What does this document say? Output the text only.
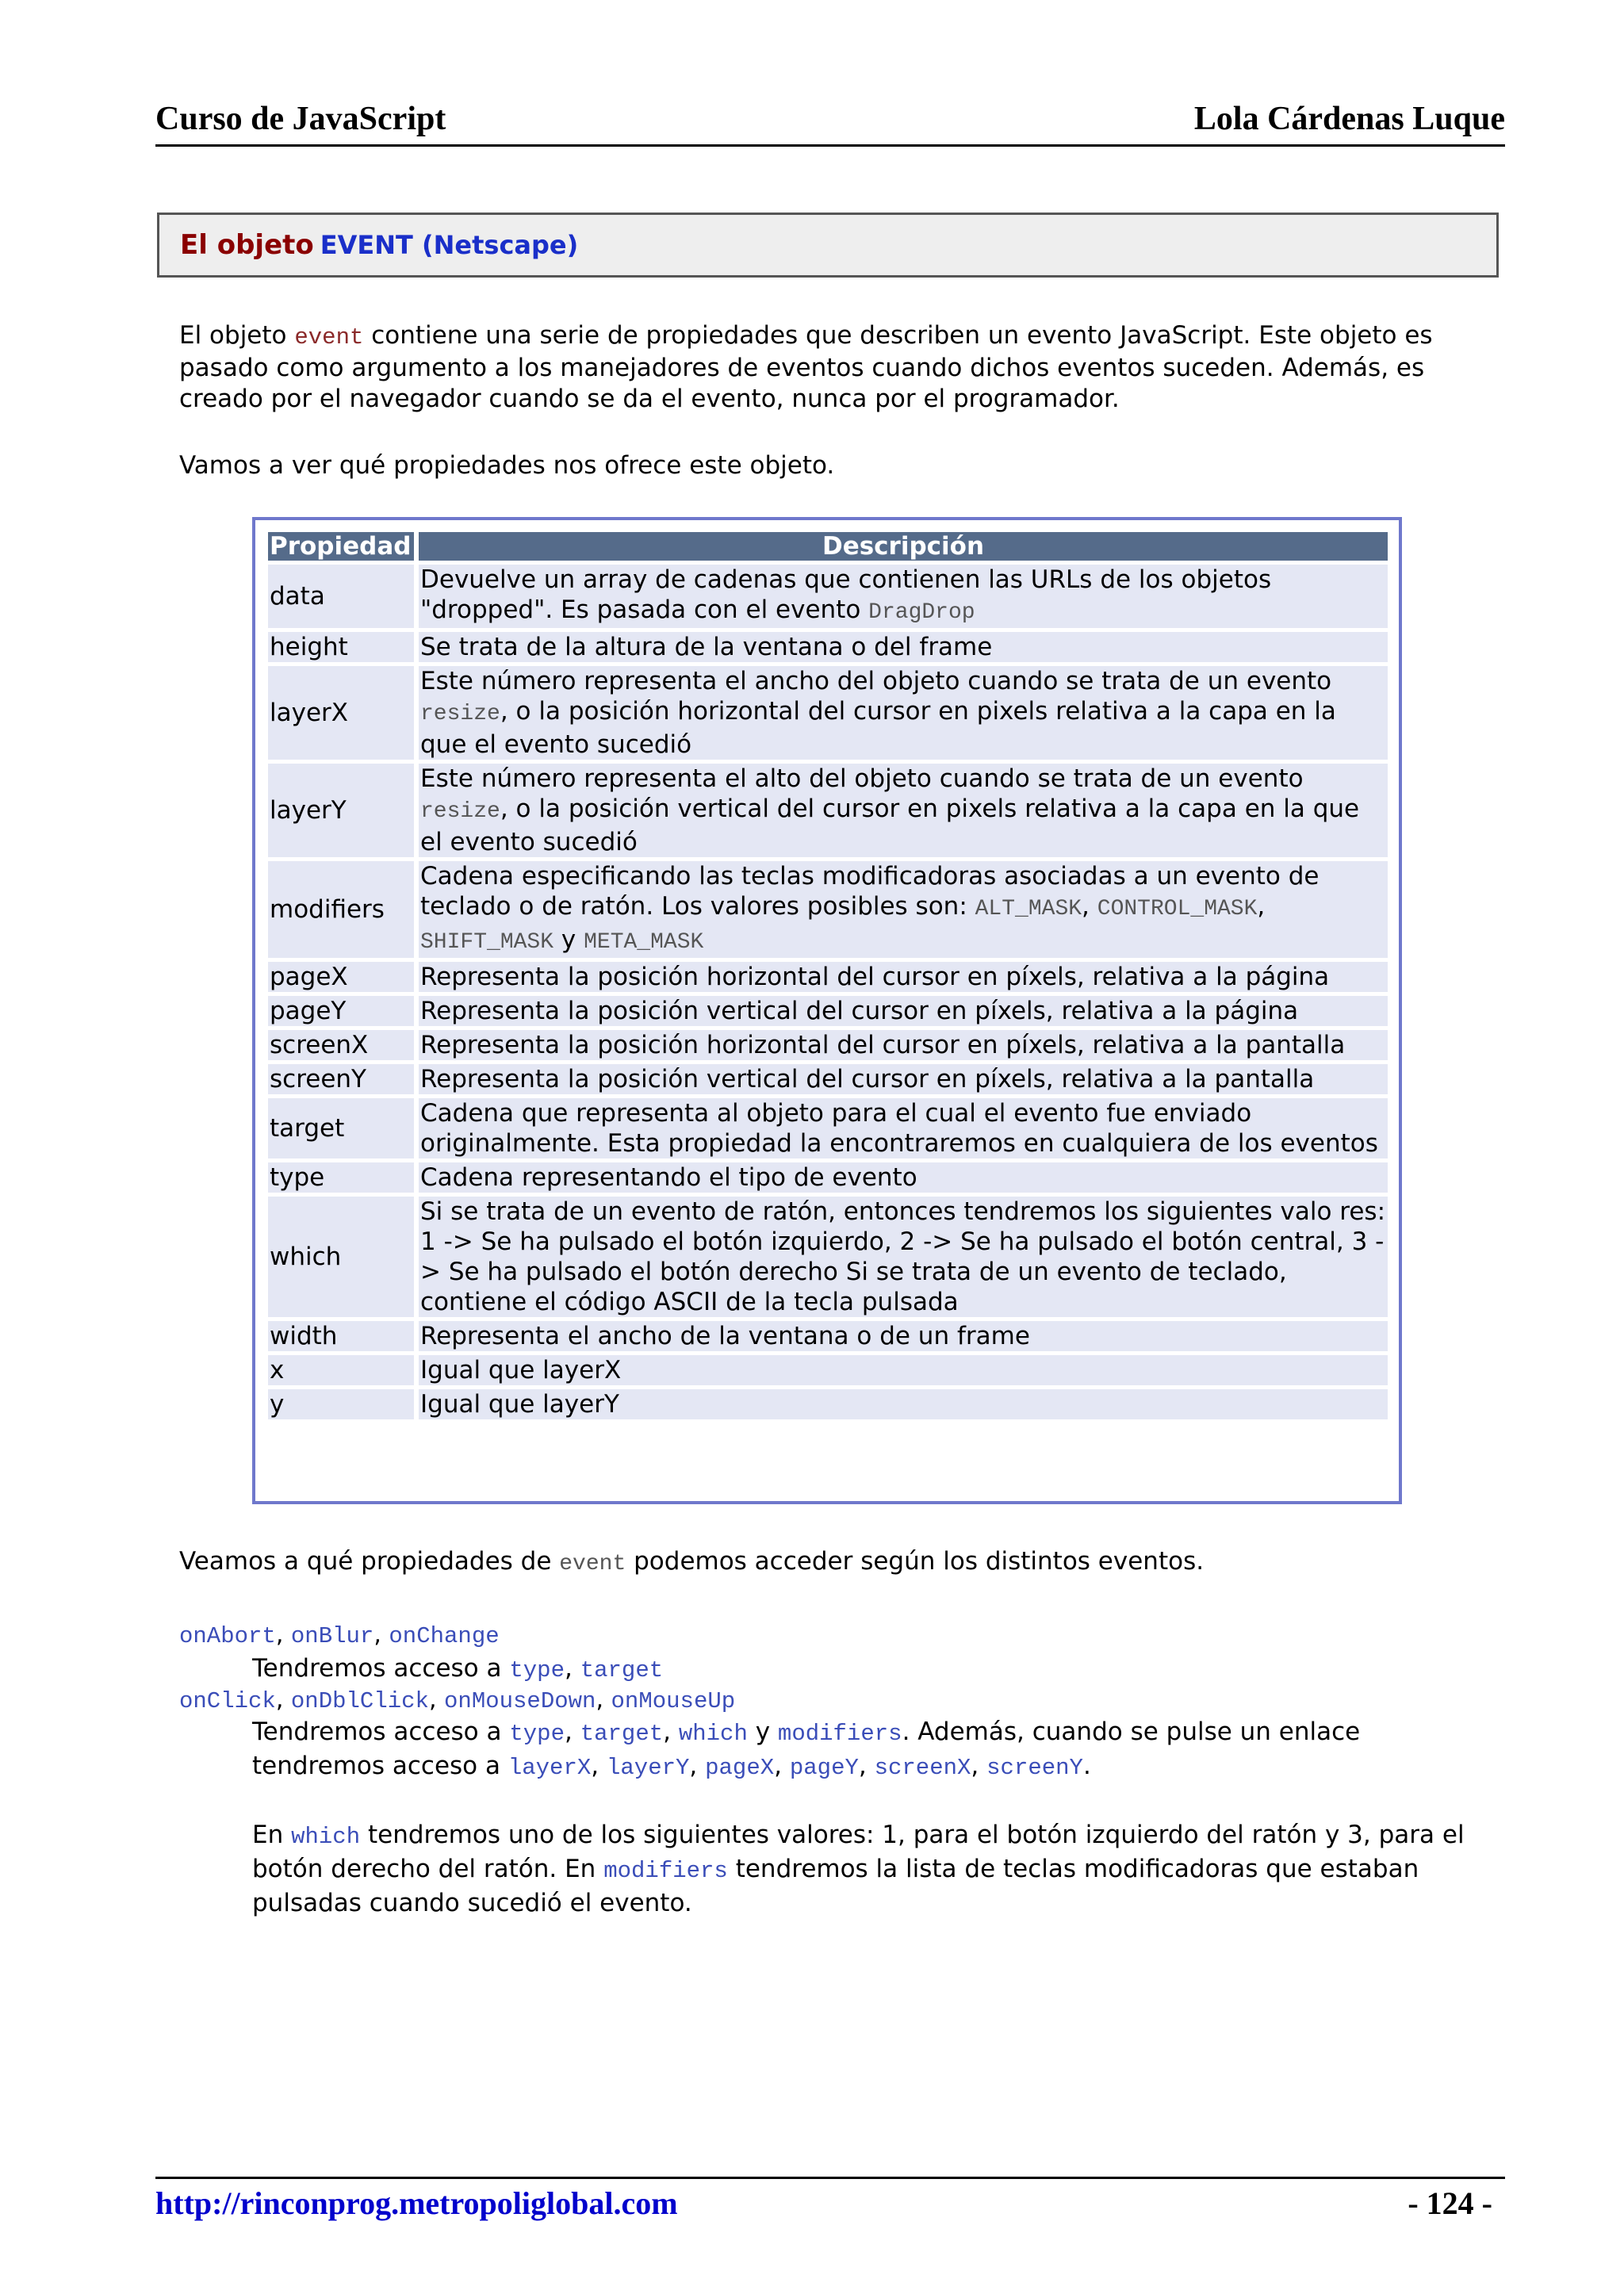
Curso de JavaScript	Lola Cárdenas Luque
El objeto EVENT (Netscape)

El objeto event contiene una serie de propiedades que describen un evento JavaScript. Este objeto es pasado como argumento a los manejadores de eventos cuando dichos eventos suceden. Además, es creado por el navegador cuando se da el evento, nunca por el programador.

Vamos a ver qué propiedades nos ofrece este objeto.

Propiedad	Descripción
data	Devuelve un array de cadenas que contienen las URLs de los objetos "dropped". Es pasada con el evento DragDrop
height	Se trata de la altura de la ventana o del frame
layerX	Este número representa el ancho del objeto cuando se trata de un evento resize, o la posición horizontal del cursor en pixels relativa a la capa en la que el evento sucedió
layerY	Este número representa el alto del objeto cuando se trata de un evento resize, o la posición vertical del cursor en pixels relativa a la capa en la que el evento sucedió
modifiers	Cadena especificando las teclas modificadoras asociadas a un evento de teclado o de ratón. Los valores posibles son: ALT_MASK, CONTROL_MASK, SHIFT_MASK y META_MASK
pageX	Representa la posición horizontal del cursor en píxels, relativa a la página
pageY	Representa la posición vertical del cursor en píxels, relativa a la página
screenX	Representa la posición horizontal del cursor en píxels, relativa a la pantalla
screenY	Representa la posición vertical del cursor en píxels, relativa a la pantalla
target	Cadena que representa al objeto para el cual el evento fue enviado originalmente. Esta propiedad la encontraremos en cualquiera de los eventos
type	Cadena representando el tipo de evento
which	Si se trata de un evento de ratón, entonces tendremos los siguientes valo res: 1 -> Se ha pulsado el botón izquierdo, 2 -> Se ha pulsado el botón central, 3 -> Se ha pulsado el botón derecho Si se trata de un evento de teclado, contiene el código ASCII de la tecla pulsada
width	Representa el ancho de la ventana o de un frame
x	Igual que layerX
y	Igual que layerY

Veamos a qué propiedades de event podemos acceder según los distintos eventos.

onAbort, onBlur, onChange
Tendremos acceso a type, target
onClick, onDblClick, onMouseDown, onMouseUp
Tendremos acceso a type, target, which y modifiers. Además, cuando se pulse un enlace tendremos acceso a layerX, layerY, pageX, pageY, screenX, screenY.
En which tendremos uno de los siguientes valores: 1, para el botón izquierdo del ratón y 3, para el botón derecho del ratón. En modifiers tendremos la lista de teclas modificadoras que estaban pulsadas cuando sucedió el evento.
http://rinconprog.metropoliglobal.com	- 124 -
